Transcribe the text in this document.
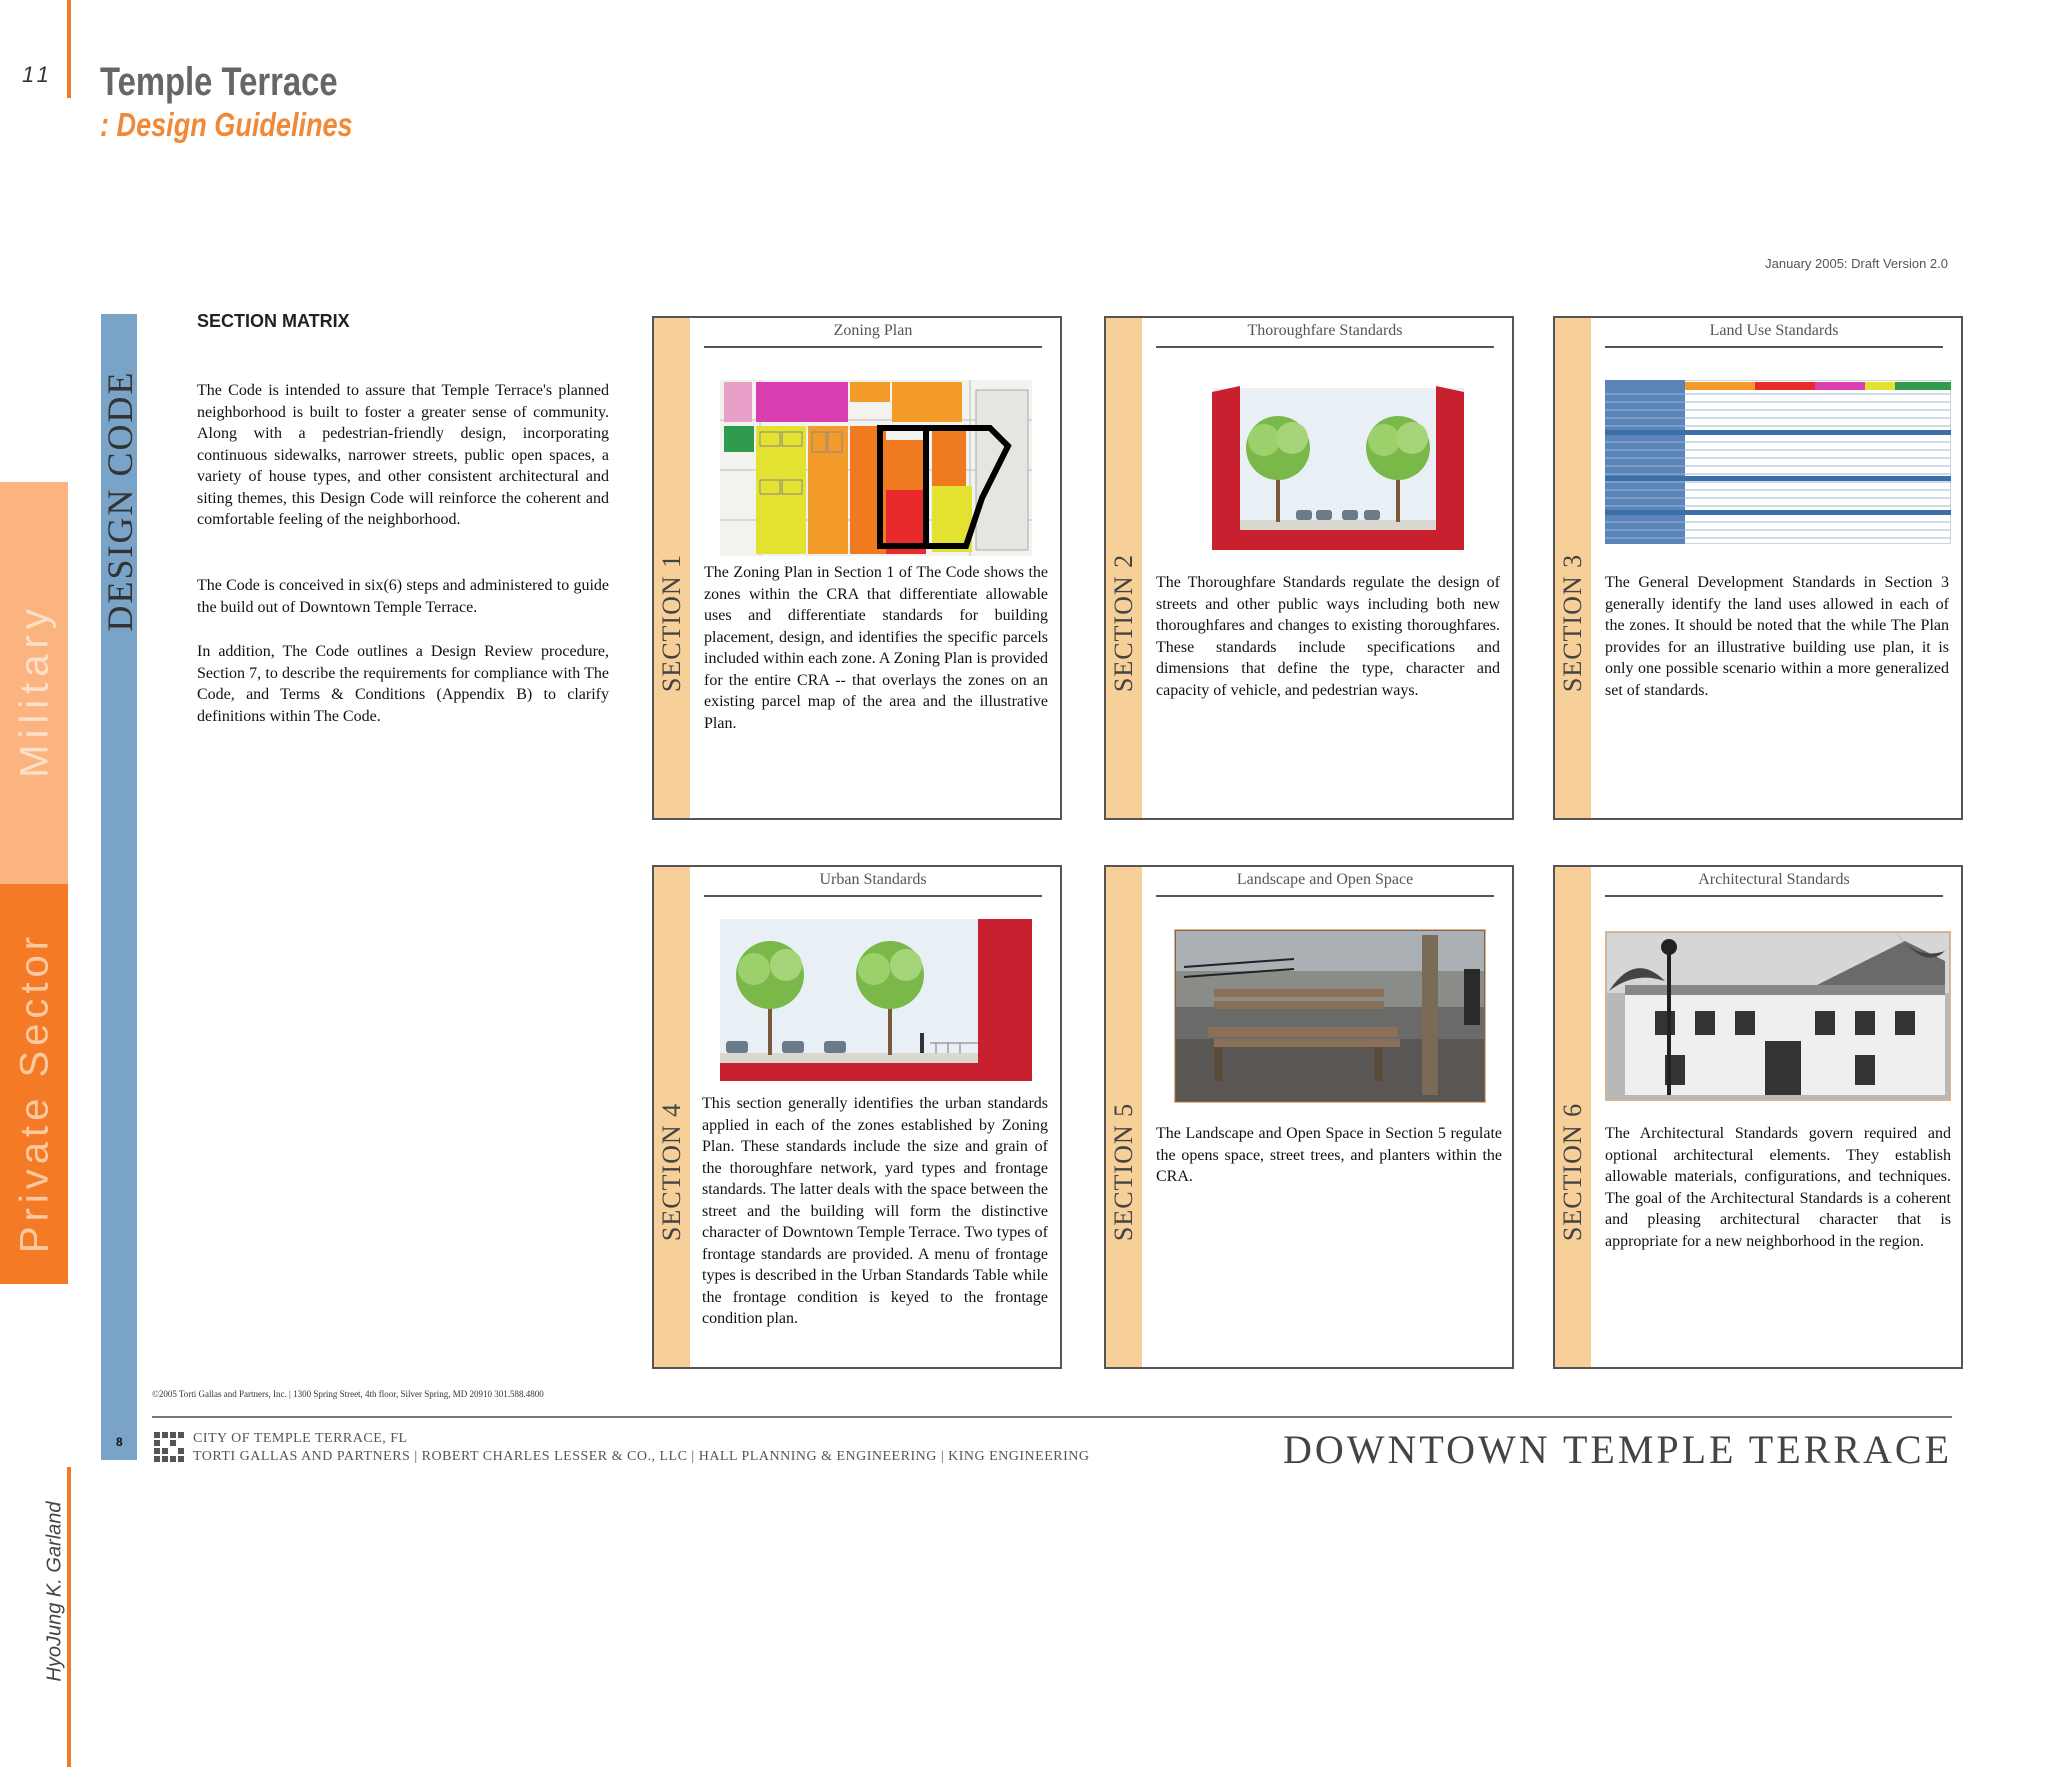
11 Temple Terrace
: Design Guidelines
Military
Private Sector
HyoJung K. Garland
January 2005: Draft Version 2.0
DESIGN CODE
8
SECTION MATRIX
The Code is intended to assure that Temple Terrace's planned neighborhood is built to foster a greater sense of community. Along with a pedestrian-friendly design, incorporating continuous sidewalks, narrower streets, public open spaces, a variety of house types, and other consistent architectural and siting themes, this Design Code will reinforce the coherent and comfortable feeling of the neighborhood.
The Code is conceived in six(6) steps and administered to guide the build out of Downtown Temple Terrace.
In addition, The Code outlines a Design Review procedure, Section 7, to describe the requirements for compliance with The Code, and Terms & Conditions (Appendix B) to clarify definitions within The Code.
SECTION 1
Zoning Plan
The Zoning Plan in Section 1 of The Code shows the zones within the CRA that differentiate allowable uses and differentiate standards for building placement, design, and identifies the specific parcels included within each zone. A Zoning Plan is provided for the entire CRA -- that overlays the zones on an existing parcel map of the area and the illustrative Plan.
SECTION 2
Thoroughfare Standards
The Thoroughfare Standards regulate the design of streets and other public ways including both new thoroughfares and changes to existing thoroughfares. These standards include specifications and dimensions that define the type, character and capacity of vehicle, and pedestrian ways.	SECTION 3
Land Use Standards
The General Development Standards in Section 3 generally identify the land uses allowed in each of the zones. It should be noted that the while The Plan provides for an illustrative building use plan, it is only one possible scenario within a more generalized set of standards.
SECTION 4
Urban Standards
This section generally identifies the urban standards applied in each of the zones established by Zoning Plan. These standards include the size and grain of the thoroughfare network, yard types and frontage standards. The latter deals with the space between the street and the building will form the distinctive character of Downtown Temple Terrace. Two types of frontage standards are provided. A menu of frontage types is described in the Urban Standards Table while the frontage condition is keyed to the frontage condition plan.
SECTION 5
Landscape and Open Space
The Landscape and Open Space in Section 5 regulate the opens space, street trees, and planters within the CRA.	SECTION 6
Architectural Standards
The Architectural Standards govern required and optional architectural elements. They establish allowable materials, configurations, and techniques. The goal of the Architectural Standards is a coherent and pleasing architectural character that is appropriate for a new neighborhood in the region.
©2005 Torti Gallas and Partners, Inc. | 1300 Spring Street, 4th floor, Silver Spring, MD 20910 301.588.4800
CITY OF TEMPLE TERRACE, FL
TORTI GALLAS AND PARTNERS | ROBERT CHARLES LESSER & CO., LLC | HALL PLANNING & ENGINEERING | KING ENGINEERING	DOWNTOWN TEMPLE TERRACE
